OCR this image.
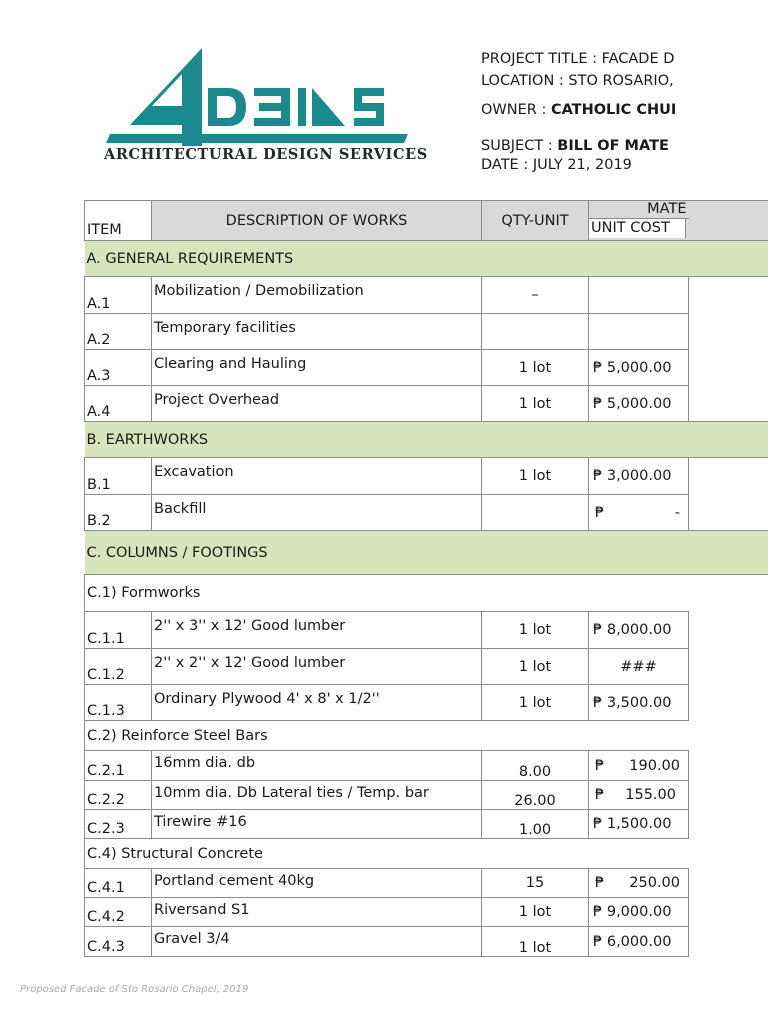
ARCHITECTURAL DESIGN SERVICES
PROJECT TITLE : FACADE D
LOCATION : STO ROSARIO,
OWNER : CATHOLIC CHUI
SUBJECT : BILL OF MATE
DATE : JULY 21, 2019
ITEM	DESCRIPTION OF WORKS	QTY-UNIT	MATE
UNIT COST	

A. GENERAL REQUIREMENTS				
A.1	Mobilization / Demobilization	–		
A.2	Temporary facilities			
A.3	Clearing and Hauling	1 lot	₱ 5,000.00	
A.4	Project Overhead	1 lot	₱ 5,000.00	
B. EARTHWORKS				
B.1	Excavation	1 lot	₱ 3,000.00	
B.2	Backfill		₱ -	

C. COLUMNS / FOOTINGS				
C.1) Formworks				
C.1.1	2'' x 3'' x 12' Good lumber	1 lot	₱ 8,000.00	
C.1.2	2'' x 2'' x 12' Good lumber	1 lot	###	
C.1.3	Ordinary Plywood 4' x 8' x 1/2''	1 lot	₱ 3,500.00	
C.2) Reinforce Steel Bars				
C.2.1	16mm dia. db	8.00	₱ 190.00	

C.2.2	10mm dia. Db Lateral ties / Temp. bar	26.00	₱ 155.00	

C.2.3	Tirewire #16	1.00	₱ 1,500.00	
C.4) Structural Concrete				
C.4.1	Portland cement 40kg	15	₱ 250.00	

C.4.2	Riversand S1	1 lot	₱ 9,000.00	
C.4.3	Gravel 3/4	1 lot	₱ 6,000.00	
Proposed Facade of Sto Rosario Chapel, 2019
